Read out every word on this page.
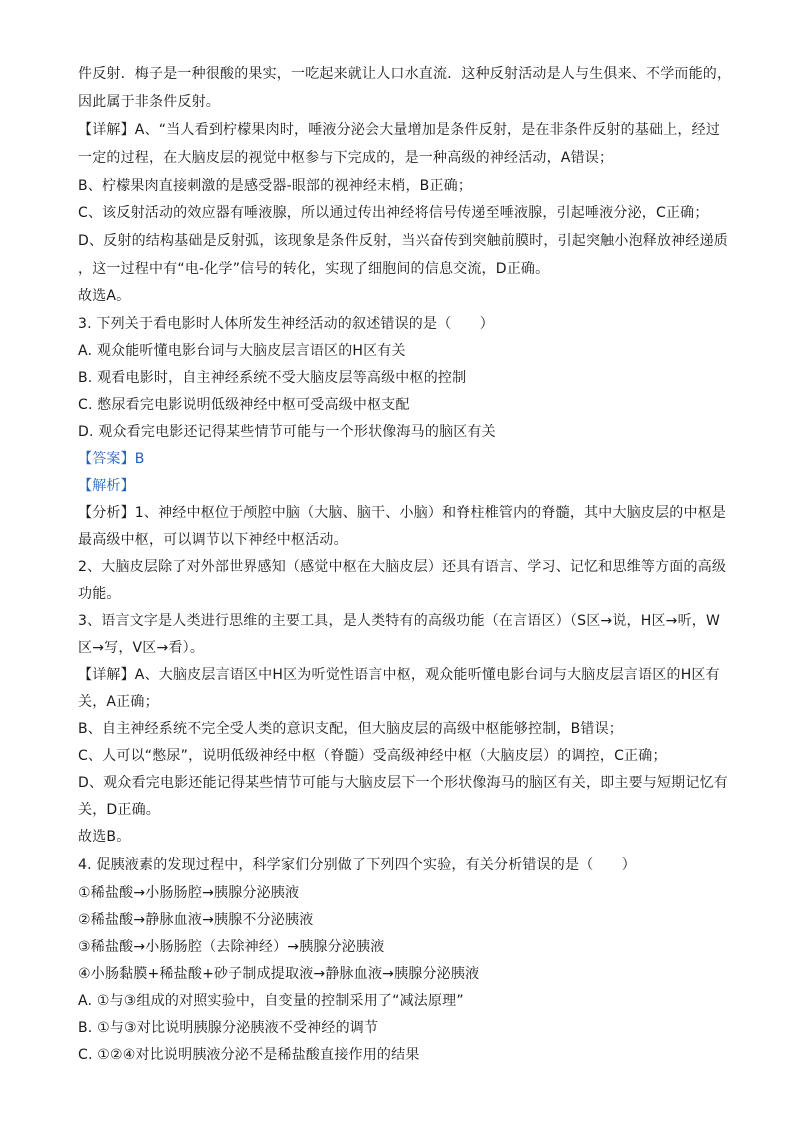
件反射．梅子是一种很酸的果实，一吃起来就让人口水直流．这种反射活动是人与生俱来、不学而能的，
因此属于非条件反射。
【详解】A、“当人看到柠檬果肉时，唾液分泌会大量增加是条件反射，是在非条件反射的基础上，经过
一定的过程，在大脑皮层的视觉中枢参与下完成的，是一种高级的神经活动，A错误；
B、柠檬果肉直接刺激的是感受器-眼部的视神经末梢，B正确；
C、该反射活动的效应器有唾液腺，所以通过传出神经将信号传递至唾液腺，引起唾液分泌，C正确；
D、反射的结构基础是反射弧，该现象是条件反射，当兴奋传到突触前膜时，引起突触小泡释放神经递质
，这一过程中有“电-化学”信号的转化，实现了细胞间的信息交流，D正确。
故选A。
3. 下列关于看电影时人体所发生神经活动的叙述错误的是（　　）
A. 观众能听懂电影台词与大脑皮层言语区的H区有关
B. 观看电影时，自主神经系统不受大脑皮层等高级中枢的控制
C. 憋尿看完电影说明低级神经中枢可受高级中枢支配
D. 观众看完电影还记得某些情节可能与一个形状像海马的脑区有关
【答案】B
【解析】
【分析】1、神经中枢位于颅腔中脑（大脑、脑干、小脑）和脊柱椎管内的脊髓，其中大脑皮层的中枢是
最高级中枢，可以调节以下神经中枢活动。
2、大脑皮层除了对外部世界感知（感觉中枢在大脑皮层）还具有语言、学习、记忆和思维等方面的高级
功能。
3、语言文字是人类进行思维的主要工具，是人类特有的高级功能（在言语区）（S区→说，H区→听，W
区→写，V区→看）。
【详解】A、大脑皮层言语区中H区为听觉性语言中枢，观众能听懂电影台词与大脑皮层言语区的H区有
关，A正确；
B、自主神经系统不完全受人类的意识支配，但大脑皮层的高级中枢能够控制，B错误；
C、人可以“憋尿”，说明低级神经中枢（脊髓）受高级神经中枢（大脑皮层）的调控，C正确；
D、观众看完电影还能记得某些情节可能与大脑皮层下一个形状像海马的脑区有关，即主要与短期记忆有
关，D正确。
故选B。
4. 促胰液素的发现过程中，科学家们分别做了下列四个实验，有关分析错误的是（　　）
①稀盐酸→小肠肠腔→胰腺分泌胰液
②稀盐酸→静脉血液→胰腺不分泌胰液
③稀盐酸→小肠肠腔（去除神经）→胰腺分泌胰液
④小肠黏膜+稀盐酸+砂子制成提取液→静脉血液→胰腺分泌胰液
A. ①与③组成的对照实验中，自变量的控制采用了“减法原理”
B. ①与③对比说明胰腺分泌胰液不受神经的调节
C. ①②④对比说明胰液分泌不是稀盐酸直接作用的结果
